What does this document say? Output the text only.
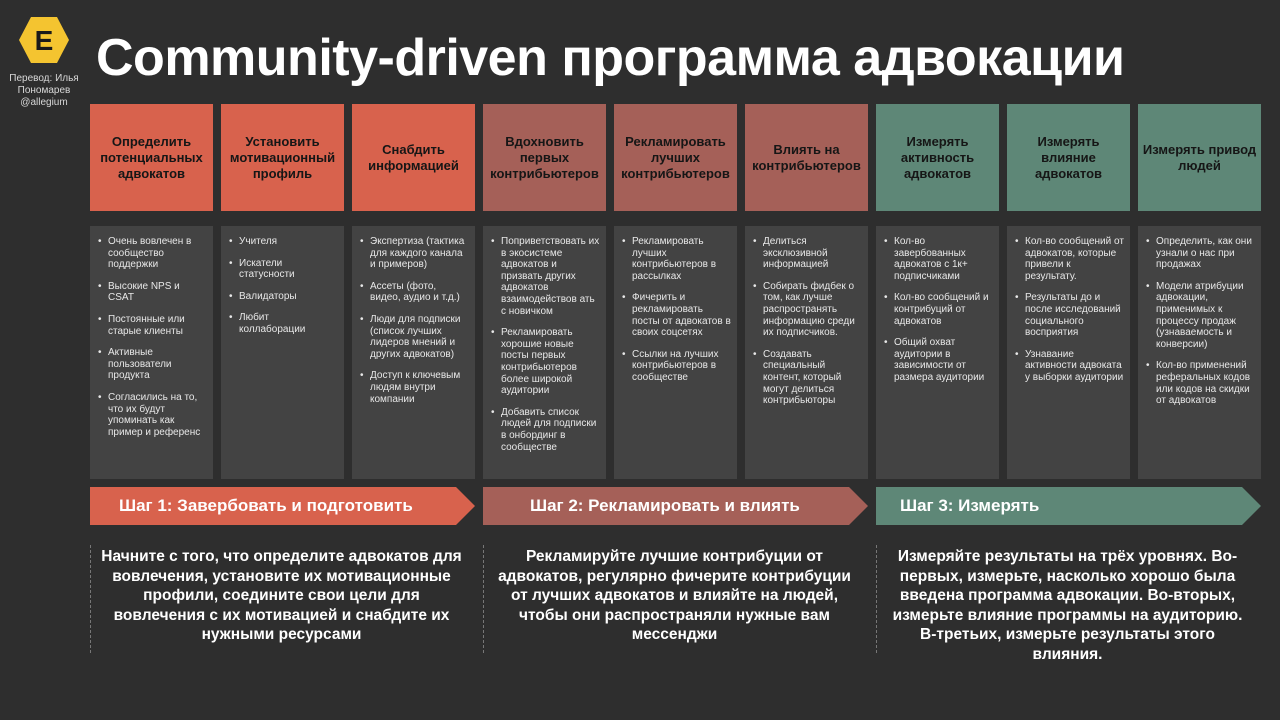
E
Перевод: Илья Пономарев @allegium
Community-driven программа адвокации
Определить потенциальных адвокатов
Установить мотивационный профиль
Снабдить информацией
Вдохновить первых контрибьютеров
Рекламировать лучших контрибьютеров
Влиять на контрибьютеров
Измерять активность адвокатов
Измерять влияние адвокатов
Измерять привод людей
• Очень вовлечен в сообщество поддержки
• Высокие NPS и CSAT
• Постоянные или старые клиенты
• Активные пользователи продукта
• Согласились на то, что их будут упоминать как пример и референс
• Учителя
• Искатели статусности
• Валидаторы
• Любит коллаборации
• Экспертиза (тактика для каждого канала и примеров)
• Ассеты (фото, видео, аудио и т.д.)
• Люди для подписки (список лучших лидеров мнений и других адвокатов)
• Доступ к ключевым людям внутри компании
• Поприветствовать их в экосистеме адвокатов и призвать других адвокатов взаимодействов ать с новичком
• Рекламировать хорошие новые посты первых контрибьютеров более широкой аудитории
• Добавить список людей для подписки в онбординг в сообществе
• Рекламировать лучших контрибьютеров в рассылках
• Фичерить и рекламировать посты от адвокатов в своих соцсетях
• Ссылки на лучших контрибьютеров в сообществе
• Делиться эксклюзивной информацией
• Собирать фидбек о том, как лучше распространять информацию среди их подписчиков.
• Создавать специальный контент, который могут делиться контрибьюторы
• Кол-во завербованных адвокатов с 1к+ подписчиками
• Кол-во сообщений и контрибуций от адвокатов
• Общий охват аудитории в зависимости от размера аудитории
• Кол-во сообщений от адвокатов, которые привели к результату.
• Результаты до и после исследований социального восприятия
• Узнавание активности адвоката у выборки аудитории
• Определить, как они узнали о нас при продажах
• Модели атрибуции адвокации, применимых к процессу продаж (узнаваемость и конверсии)
• Кол-во применений реферальных кодов или кодов на скидки от адвокатов
Шаг 1: Завербовать и подготовить	Шаг 2: Рекламировать и влиять	Шаг 3: Измерять
Начните с того, что определите адвокатов для вовлечения, установите их мотивационные профили, соедините свои цели для вовлечения с их мотивацией и снабдите их нужными ресурсами
Рекламируйте лучшие контрибуции от адвокатов, регулярно фичерите контрибуции от лучших адвокатов и влияйте на людей, чтобы они распространяли нужные вам мессенджи
Измеряйте результаты на трёх уровнях. Во-первых, измерьте, насколько хорошо была введена программа адвокации. Во-вторых, измерьте влияние программы на аудиторию. В-третьих, измерьте результаты этого влияния.
